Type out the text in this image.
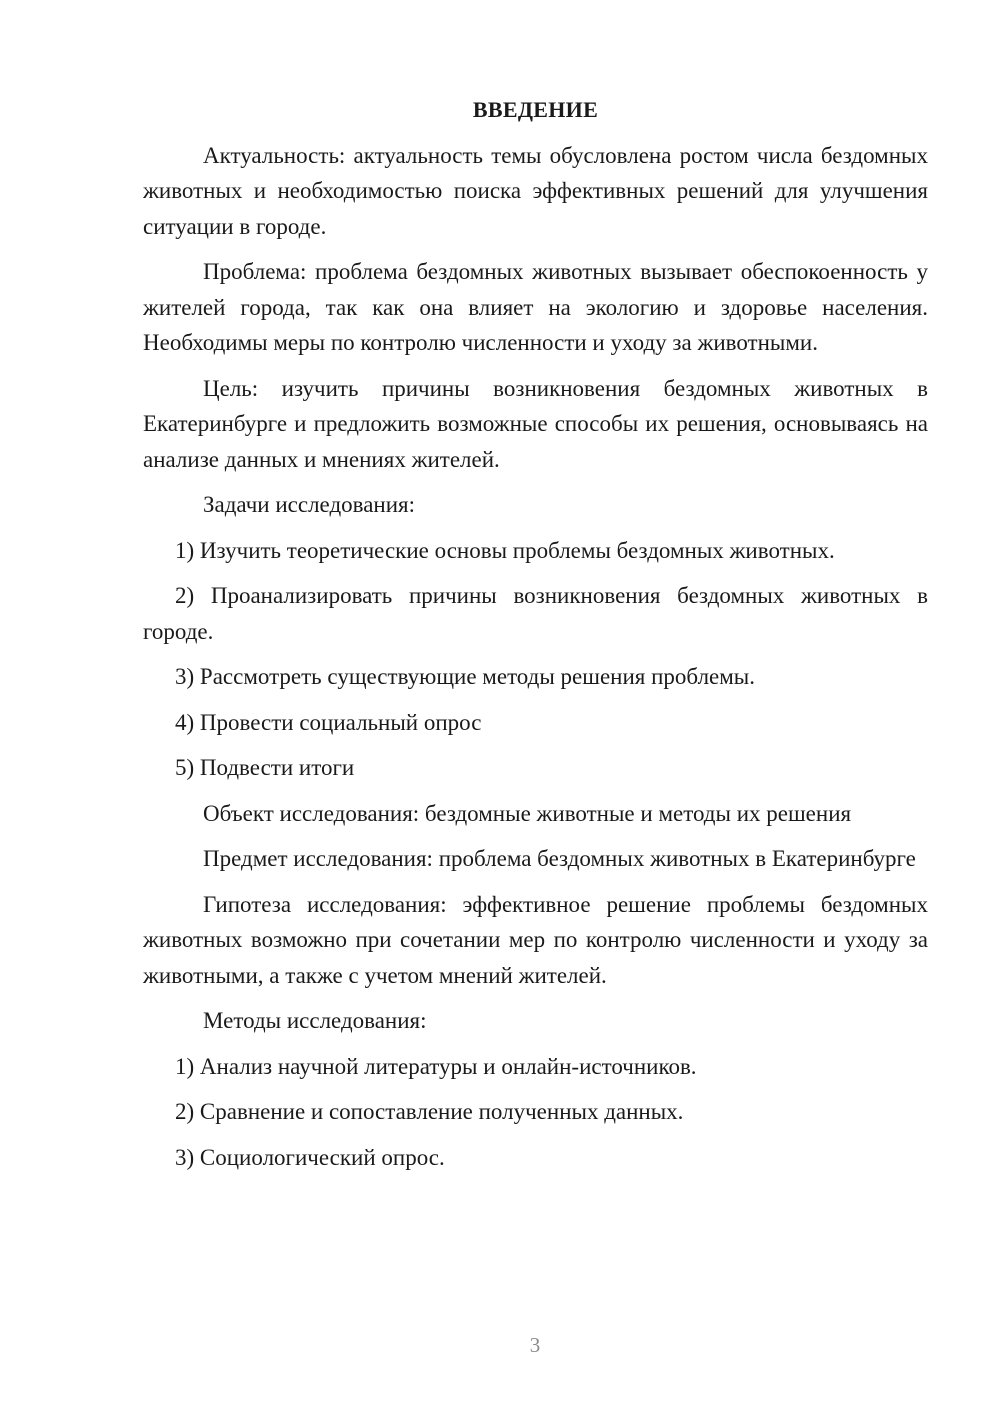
ВВЕДЕНИЕ

Актуальность: актуальность темы обусловлена ростом числа бездомных животных и необходимостью поиска эффективных решений для улучшения ситуации в городе.

Проблема: проблема бездомных животных вызывает обеспокоенность у жителей города, так как она влияет на экологию и здоровье населения. Необходимы меры по контролю численности и уходу за животными.

Цель: изучить причины возникновения бездомных животных в Екатеринбурге и предложить возможные способы их решения, основываясь на анализе данных и мнениях жителей.

Задачи исследования:

1) Изучить теоретические основы проблемы бездомных животных.

2) Проанализировать причины возникновения бездомных животных в городе.

3) Рассмотреть существующие методы решения проблемы.

4) Провести социальный опрос

5) Подвести итоги

Объект исследования: бездомные животные и методы их решения

Предмет исследования: проблема бездомных животных в Екатеринбурге

Гипотеза исследования: эффективное решение проблемы бездомных животных возможно при сочетании мер по контролю численности и уходу за животными, а также с учетом мнений жителей.

Методы исследования:

1) Анализ научной литературы и онлайн-источников.

2) Сравнение и сопоставление полученных данных.

3) Социологический опрос.

3
